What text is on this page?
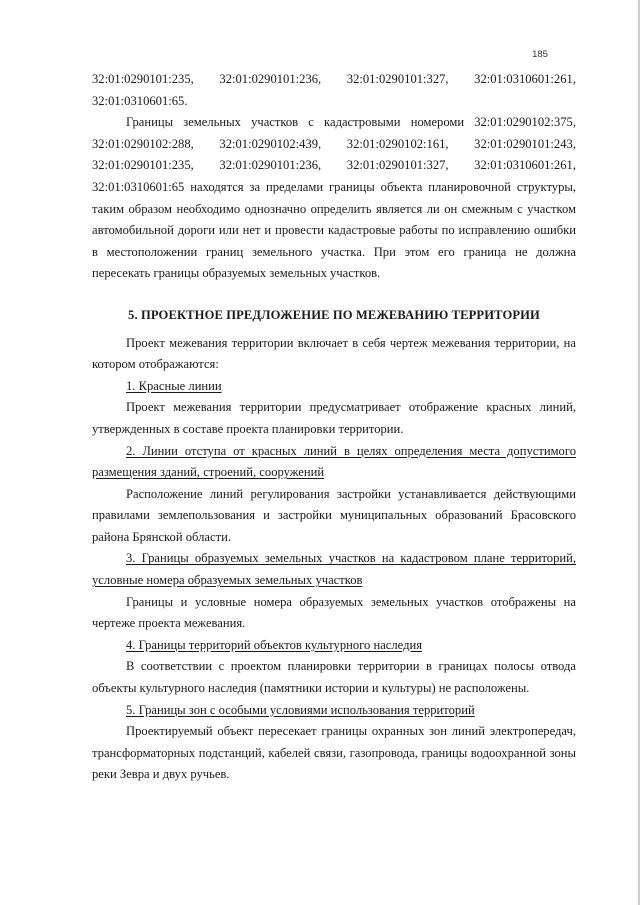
185
32:01:0290101:235, 32:01:0290101:236, 32:01:0290101:327, 32:01:0310601:261,

32:01:0310601:65.

Границы земельных участков с кадастровыми номероми 32:01:0290102:375,
32:01:0290102:288, 32:01:0290102:439, 32:01:0290102:161, 32:01:0290101:243,
32:01:0290101:235, 32:01:0290101:236, 32:01:0290101:327, 32:01:0310601:261,

32:01:0310601:65 находятся за пределами границы объекта планировочной структуры, таким образом необходимо однозначно определить является ли он смежным с участком автомобильной дороги или нет и провести кадастровые работы по исправлению ошибки в местоположении границ земельного участка. При этом его граница не должна пересекать границы образуемых земельных участков.

5. ПРОЕКТНОЕ ПРЕДЛОЖЕНИЕ ПО МЕЖЕВАНИЮ ТЕРРИТОРИИ

Проект межевания территории включает в себя чертеж межевания территории, на котором отображаются:

1. Красные линии

Проект межевания территории предусматривает отображение красных линий, утвержденных в составе проекта планировки территории.

2. Линии отступа от красных линий в целях определения места допустимого размещения зданий, строений, сооружений

Расположение линий регулирования застройки устанавливается действующими правилами землепользования и застройки муниципальных образований Брасовского района Брянской области.

3. Границы образуемых земельных участков на кадастровом плане территорий, условные номера образуемых земельных участков

Границы и условные номера образуемых земельных участков отображены на чертеже проекта межевания.

4. Границы территорий объектов культурного наследия

В соответствии с проектом планировки территории в границах полосы отвода объекты культурного наследия (памятники истории и культуры) не расположены.

5. Границы зон с особыми условиями использования территорий

Проектируемый объект пересекает границы охранных зон линий электропередач, трансформаторных подстанций, кабелей связи, газопровода, границы водоохранной зоны реки Зевра и двух ручьев.
